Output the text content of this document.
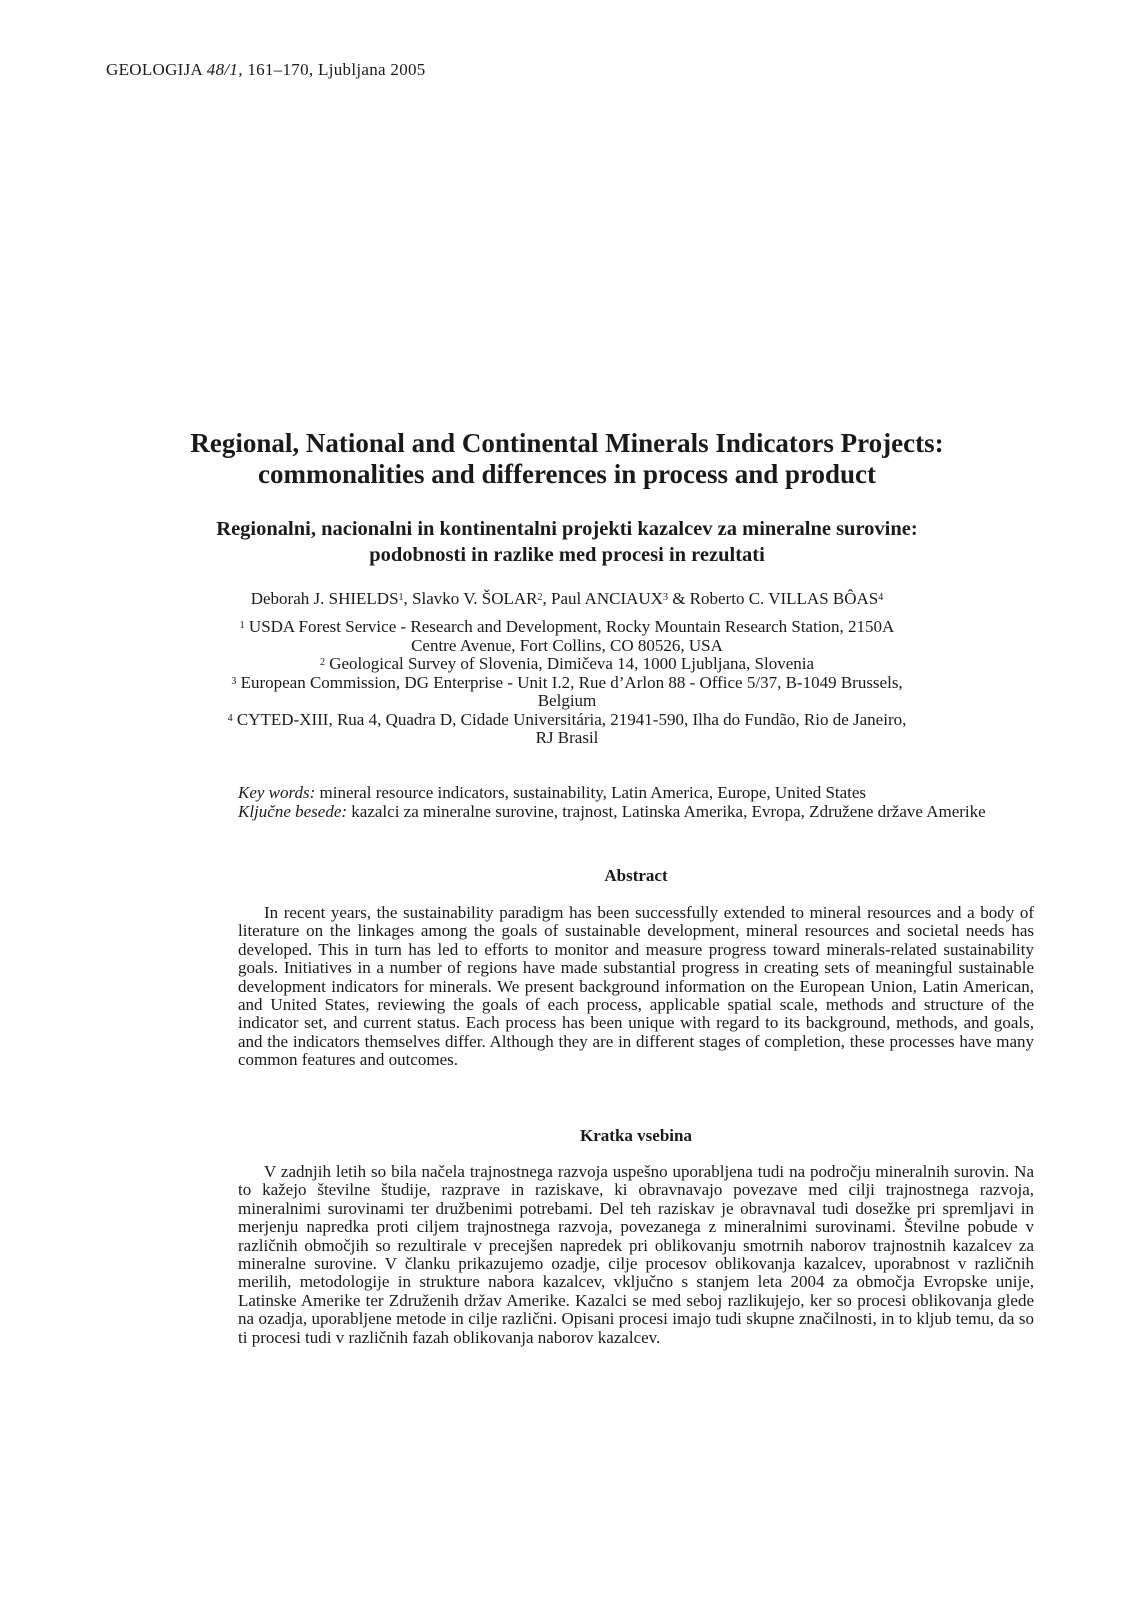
GEOLOGIJA 48/1, 161–170, Ljubljana 2005
Regional, National and Continental Minerals Indicators Projects:
commonalities and differences in process and product
Regionalni, nacionalni in kontinentalni projekti kazalcev za mineralne surovine:
podobnosti in razlike med procesi in rezultati
Deborah J. SHIELDS$^1$, Slavko V. ŠOLAR$^2$, Paul ANCIAUX$^3$ & Roberto C. VILLAS BÔAS$^4$

$^1$ USDA Forest Service - Research and Development, Rocky Mountain Research Station, 2150A

Centre Avenue, Fort Collins, CO 80526, USA

$^2$ Geological Survey of Slovenia, Dimičeva 14, 1000 Ljubljana, Slovenia

$^3$ European Commission, DG Enterprise - Unit I.2, Rue d’Arlon 88 - Office 5/37, B-1049 Brussels,

Belgium

$^4$ CYTED-XIII, Rua 4, Quadra D, Cidade Universitária, 21941-590, Ilha do Fundão, Rio de Janeiro,

RJ Brasil

Key words: mineral resource indicators, sustainability, Latin America, Europe, United States

Ključne besede: kazalci za mineralne surovine, trajnost, Latinska Amerika, Evropa, Združene države Amerike

Abstract

In recent years, the sustainability paradigm has been successfully extended to mineral resources and a body of literature on the linkages among the goals of sustainable development, mineral resources and societal needs has developed. This in turn has led to efforts to monitor and measure progress toward minerals-related sustainability goals. Initiatives in a number of regions have made substantial progress in creating sets of meaningful sustainable development indicators for minerals. We present background information on the European Union, Latin American, and United States, reviewing the goals of each process, applicable spatial scale, methods and structure of the indicator set, and current status. Each process has been unique with regard to its background, methods, and goals, and the indicators themselves differ. Although they are in different stages of completion, these processes have many common features and outcomes.

Kratka vsebina

V zadnjih letih so bila načela trajnostnega razvoja uspešno uporabljena tudi na področju mineralnih surovin. Na to kažejo številne študije, razprave in raziskave, ki obravnavajo povezave med cilji trajnostnega razvoja, mineralnimi surovinami ter družbenimi potrebami. Del teh raziskav je obravnaval tudi dosežke pri spremljavi in merjenju napredka proti ciljem trajnostnega razvoja, povezanega z mineralnimi surovinami. Številne pobude v različnih območjih so rezultirale v precejšen napredek pri oblikovanju smotrnih naborov trajnostnih kazalcev za mineralne surovine. V članku prikazujemo ozadje, cilje procesov oblikovanja kazalcev, uporabnost v različnih merilih, metodologije in strukture nabora kazalcev, vključno s stanjem leta 2004 za območja Evropske unije, Latinske Amerike ter Združenih držav Amerike. Kazalci se med seboj razlikujejo, ker so procesi oblikovanja glede na ozadja, uporabljene metode in cilje različni. Opisani procesi imajo tudi skupne značilnosti, in to kljub temu, da so ti procesi tudi v različnih fazah oblikovanja naborov kazalcev.
